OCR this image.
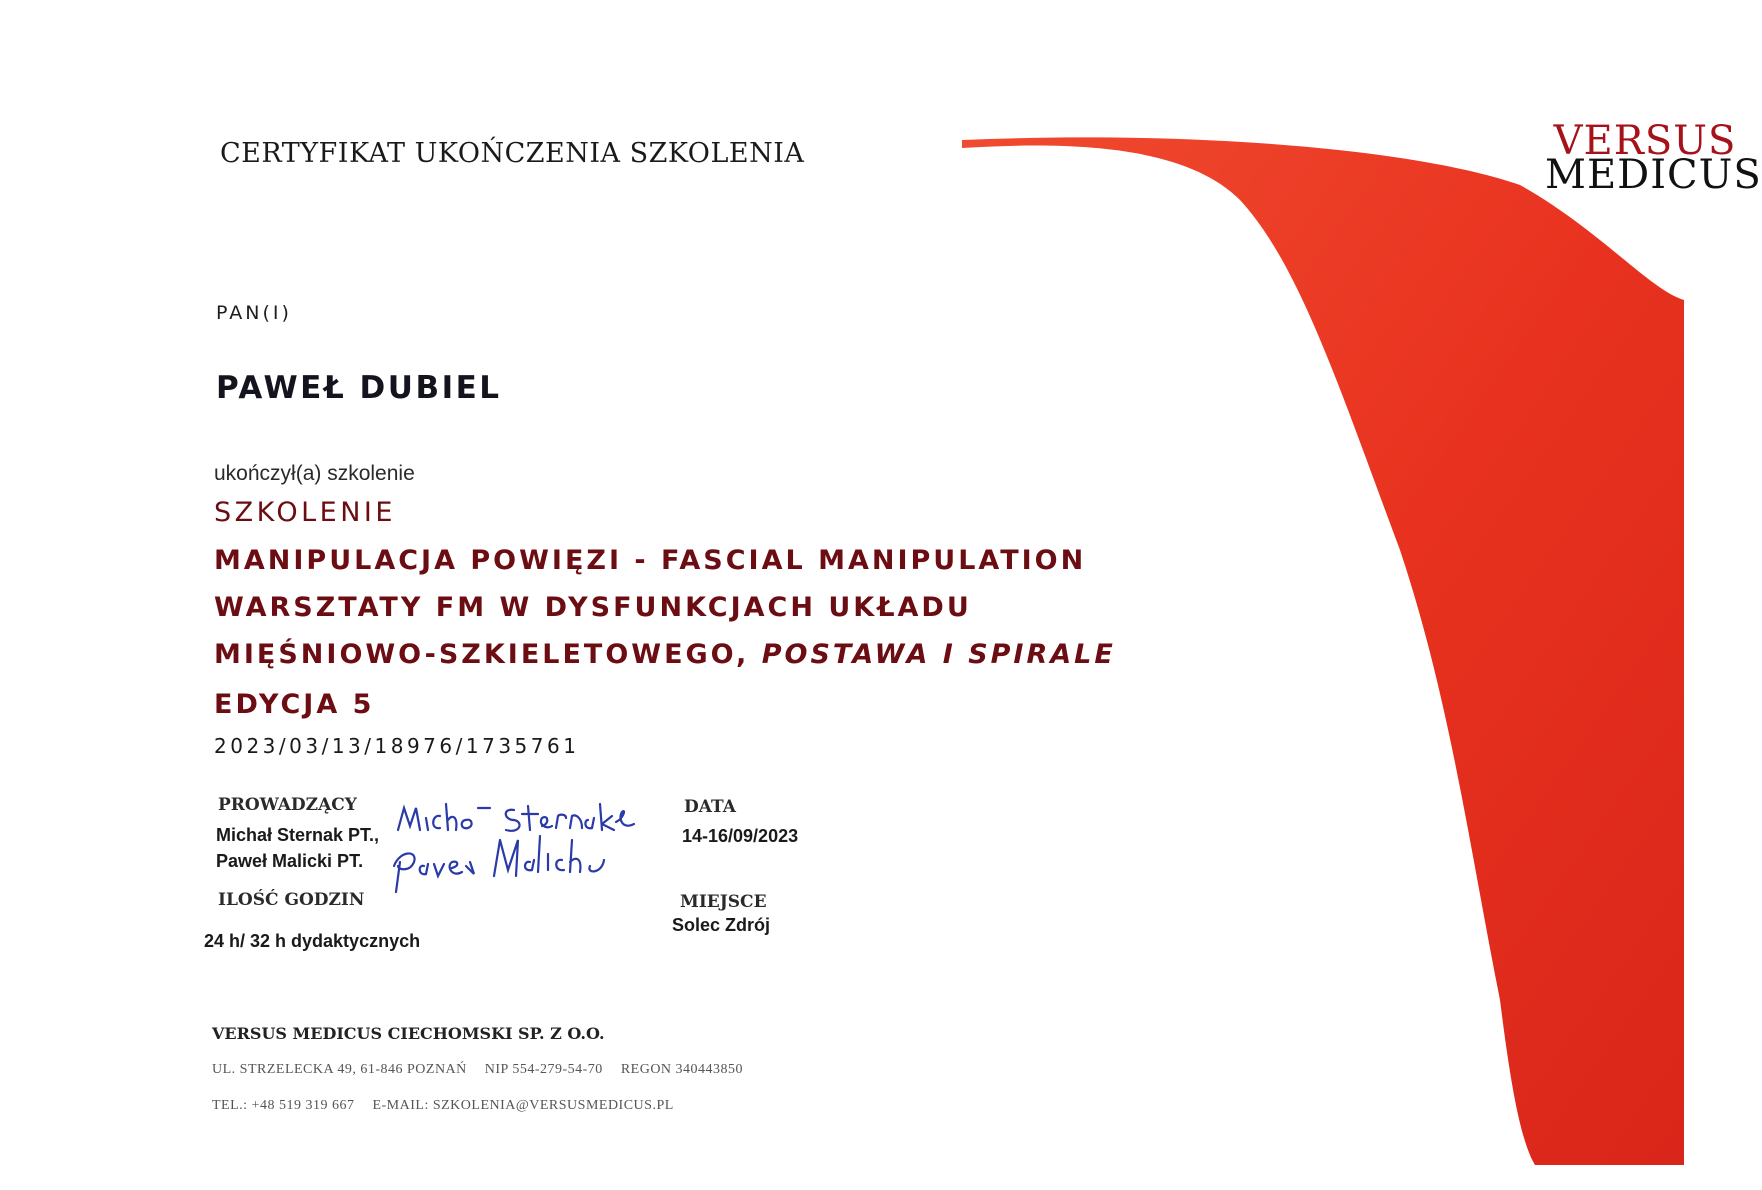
VERSUS
MEDICUS
CERTYFIKAT UKOŃCZENIA SZKOLENIA
PAN(I)
PAWEŁ DUBIEL
ukończył(a) szkolenie
SZKOLENIE
MANIPULACJA POWIĘZI - FASCIAL MANIPULATION
WARSZTATY FM W DYSFUNKCJACH UKŁADU
MIĘŚNIOWO-SZKIELETOWEGO, POSTAWA I SPIRALE
EDYCJA 5
2023/03/13/18976/1735761
PROWADZĄCY
Michał Sternak PT.,
Paweł Malicki PT.
ILOŚĆ GODZIN
24 h/ 32 h dydaktycznych
DATA
14-16/09/2023
MIEJSCE
Solec Zdrój
VERSUS MEDICUS CIECHOMSKI SP. Z O.O.
UL. STRZELECKA 49, 61-846 POZNAŃ NIP 554-279-54-70 REGON 340443850
TEL.: +48 519 319 667 E-MAIL: SZKOLENIA@VERSUSMEDICUS.PL
